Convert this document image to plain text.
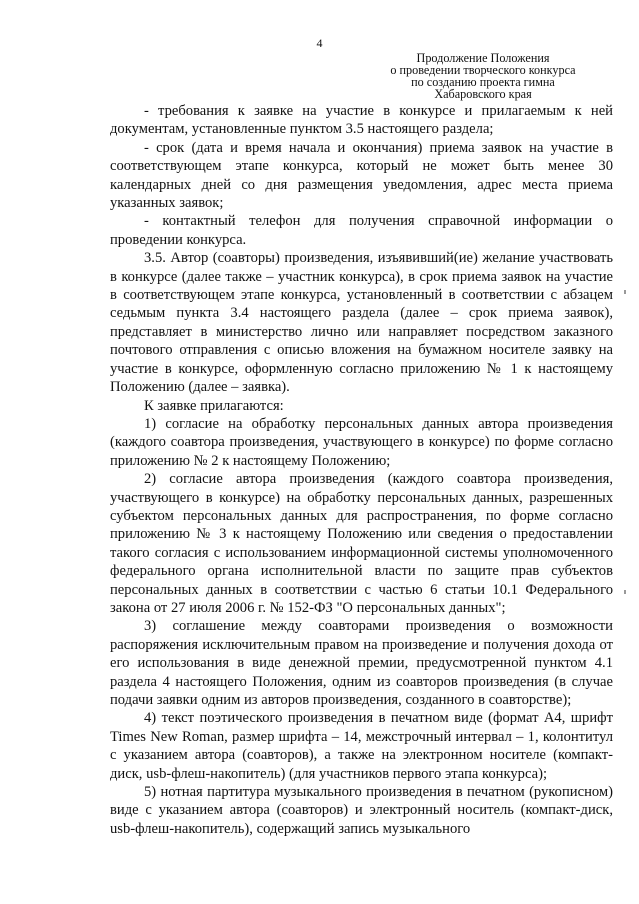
4
Продолжение Положения
о проведении творческого конкурса
по созданию проекта гимна
Хабаровского края

- требования к заявке на участие в конкурсе и прилагаемым к ней документам, установленные пунктом 3.5 настоящего раздела;

- срок (дата и время начала и окончания) приема заявок на участие в соответствующем этапе конкурса, который не может быть менее 30 календарных дней со дня размещения уведомления, адрес места приема указанных заявок;

- контактный телефон для получения справочной информации о проведении конкурса.

3.5. Автор (соавторы) произведения, изъявивший(ие) желание участвовать в конкурсе (далее также – участник конкурса), в срок приема заявок на участие в соответствующем этапе конкурса, установленный в соответствии с абзацем седьмым пункта 3.4 настоящего раздела (далее – срок приема заявок), представляет в министерство лично или направляет посредством заказного почтового отправления с описью вложения на бумажном носителе заявку на участие в конкурсе, оформленную согласно приложению № 1 к настоящему Положению (далее – заявка).

К заявке прилагаются:

1) согласие на обработку персональных данных автора произведения (каждого соавтора произведения, участвующего в конкурсе) по форме согласно приложению № 2 к настоящему Положению;

2) согласие автора произведения (каждого соавтора произведения, участвующего в конкурсе) на обработку персональных данных, разрешенных субъектом персональных данных для распространения, по форме согласно приложению № 3 к настоящему Положению или сведения о предоставлении такого согласия с использованием информационной системы уполномоченного федерального органа исполнительной власти по защите прав субъектов персональных данных в соответствии с частью 6 статьи 10.1 Федерального закона от 27 июля 2006 г. № 152-ФЗ "О персональных данных";

3) соглашение между соавторами произведения о возможности распоряжения исключительным правом на произведение и получения дохода от его использования в виде денежной премии, предусмотренной пунктом 4.1 раздела 4 настоящего Положения, одним из соавторов произведения (в случае подачи заявки одним из авторов произведения, созданного в соавторстве);

4) текст поэтического произведения в печатном виде (формат А4, шрифт Times New Roman, размер шрифта – 14, межстрочный интервал – 1, колонтитул с указанием автора (соавторов), а также на электронном носителе (компакт-диск, usb-флеш-накопитель) (для участников первого этапа конкурса);

5) нотная партитура музыкального произведения в печатном (рукописном) виде с указанием автора (соавторов) и электронный носитель (компакт-диск, usb-флеш-накопитель), содержащий запись музыкального
